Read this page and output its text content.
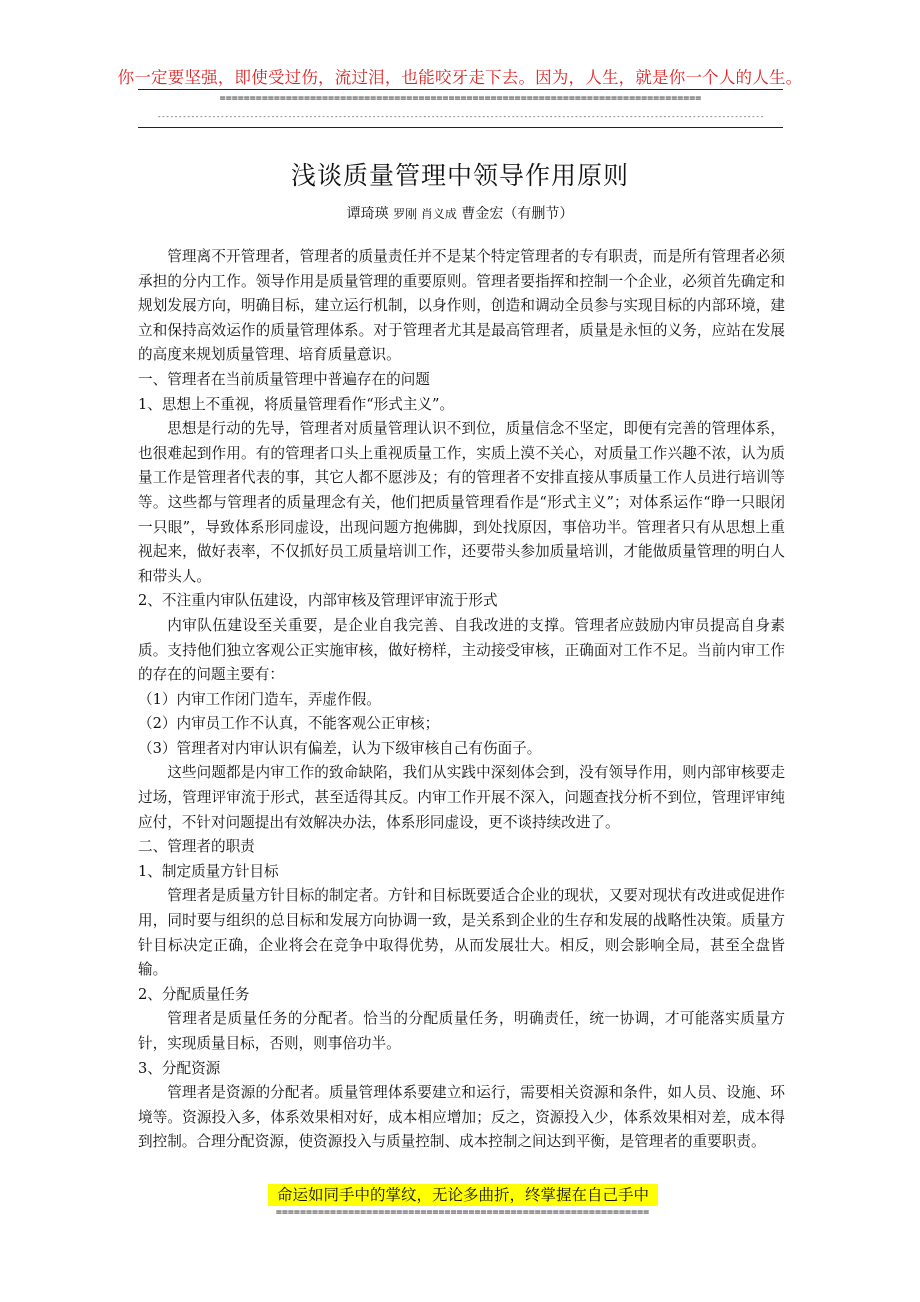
你一定要坚强，即使受过伤，流过泪，也能咬牙走下去。因为，人生，就是你一个人的人生。
================================================================================
------------------------------------------------------------------------------------------------------------------------------------------------
浅谈质量管理中领导作用原则
谭琦瑛 罗刚 肖义成 曹金宏（有删节）

管理离不开管理者，管理者的质量责任并不是某个特定管理者的专有职责，而是所有管理者必须承担的分内工作。领导作用是质量管理的重要原则。管理者要指挥和控制一个企业，必须首先确定和规划发展方向，明确目标，建立运行机制，以身作则，创造和调动全员参与实现目标的内部环境，建立和保持高效运作的质量管理体系。对于管理者尤其是最高管理者，质量是永恒的义务，应站在发展的高度来规划质量管理、培育质量意识。

一、管理者在当前质量管理中普遍存在的问题

1、思想上不重视，将质量管理看作“形式主义”。

思想是行动的先导，管理者对质量管理认识不到位，质量信念不坚定，即便有完善的管理体系，也很难起到作用。有的管理者口头上重视质量工作，实质上漠不关心，对质量工作兴趣不浓，认为质量工作是管理者代表的事，其它人都不愿涉及；有的管理者不安排直接从事质量工作人员进行培训等等。这些都与管理者的质量理念有关，他们把质量管理看作是“形式主义”；对体系运作“睁一只眼闭一只眼”，导致体系形同虚设，出现问题方抱佛脚，到处找原因，事倍功半。管理者只有从思想上重视起来，做好表率，不仅抓好员工质量培训工作，还要带头参加质量培训，才能做质量管理的明白人和带头人。

2、不注重内审队伍建设，内部审核及管理评审流于形式

内审队伍建设至关重要，是企业自我完善、自我改进的支撑。管理者应鼓励内审员提高自身素质。支持他们独立客观公正实施审核，做好榜样，主动接受审核，正确面对工作不足。当前内审工作的存在的问题主要有：

（1）内审工作闭门造车，弄虚作假。

（2）内审员工作不认真，不能客观公正审核；

（3）管理者对内审认识有偏差，认为下级审核自己有伤面子。

这些问题都是内审工作的致命缺陷，我们从实践中深刻体会到，没有领导作用，则内部审核要走过场，管理评审流于形式，甚至适得其反。内审工作开展不深入，问题查找分析不到位，管理评审纯应付，不针对问题提出有效解决办法，体系形同虚设，更不谈持续改进了。

二、管理者的职责

1、制定质量方针目标

管理者是质量方针目标的制定者。方针和目标既要适合企业的现状，又要对现状有改进或促进作用，同时要与组织的总目标和发展方向协调一致，是关系到企业的生存和发展的战略性决策。质量方针目标决定正确，企业将会在竞争中取得优势，从而发展壮大。相反，则会影响全局，甚至全盘皆输。

2、分配质量任务

管理者是质量任务的分配者。恰当的分配质量任务，明确责任，统一协调，才可能落实质量方针，实现质量目标，否则，则事倍功半。

3、分配资源

管理者是资源的分配者。质量管理体系要建立和运行，需要相关资源和条件，如人员、设施、环境等。资源投入多，体系效果相对好，成本相应增加；反之，资源投入少，体系效果相对差，成本得到控制。合理分配资源，使资源投入与质量控制、成本控制之间达到平衡，是管理者的重要职责。

命运如同手中的掌纹，无论多曲折，终掌握在自己手中
==============================================================
